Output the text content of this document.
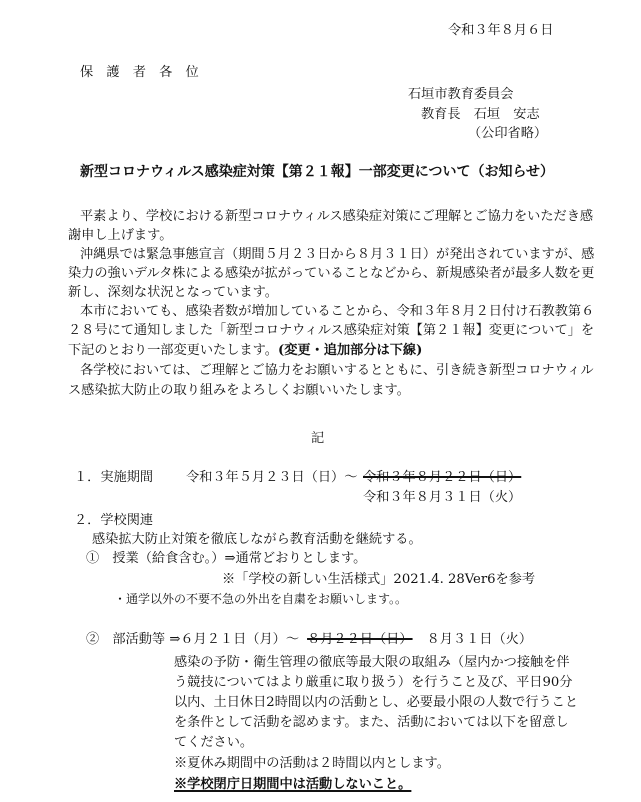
令和３年８月６日
保　護　者　各　位
石垣市教育委員会
教育長　石垣　安志
（公印省略）
新型コロナウィルス感染症対策【第２１報】一部変更について（お知らせ）
平素より、学校における新型コロナウィルス感染症対策にご理解とご協力をいただき感
謝申し上げます。
沖縄県では緊急事態宣言（期間５月２３日から８月３１日）が発出されていますが、感
染力の強いデルタ株による感染が拡がっていることなどから、新規感染者が最多人数を更
新し、深刻な状況となっています。
本市においても、感染者数が増加していることから、令和３年８月２日付け石教教第６
２８号にて通知しました「新型コロナウィルス感染症対策【第２１報】変更について」を
下記のとおり一部変更いたします。(変更・追加部分は下線)
各学校においては、ご理解とご協力をお願いするとともに、引き続き新型コロナウィル
ス感染拡大防止の取り組みをよろしくお願いいたします。
記
１．実施期間 令和３年５月２３日（日）～ 令和３年８月２２日（日）
令和３年８月３１日（火）
２．学校関連
感染拡大防止対策を徹底しながら教育活動を継続する。
①　授業（給食含む。）⇒通常どおりとします。
※「学校の新しい生活様式」2021.4. 28Ver6を参考
・通学以外の不要不急の外出を自粛をお願いします。。
②　部活動等 ⇒６月２１日（月）～ ８月２２日（日） ８月３１日（火）
感染の予防・衛生管理の徹底等最大限の取組み（屋内かつ接触を伴
う競技についてはより厳重に取り扱う）を行うこと及び、平日90分
以内、土日休日2時間以内の活動とし、必要最小限の人数で行うこと
を条件として活動を認めます。また、活動においては以下を留意し
てください。
※夏休み期間中の活動は２時間以内とします。
※学校閉庁日期間中は活動しないこと。
